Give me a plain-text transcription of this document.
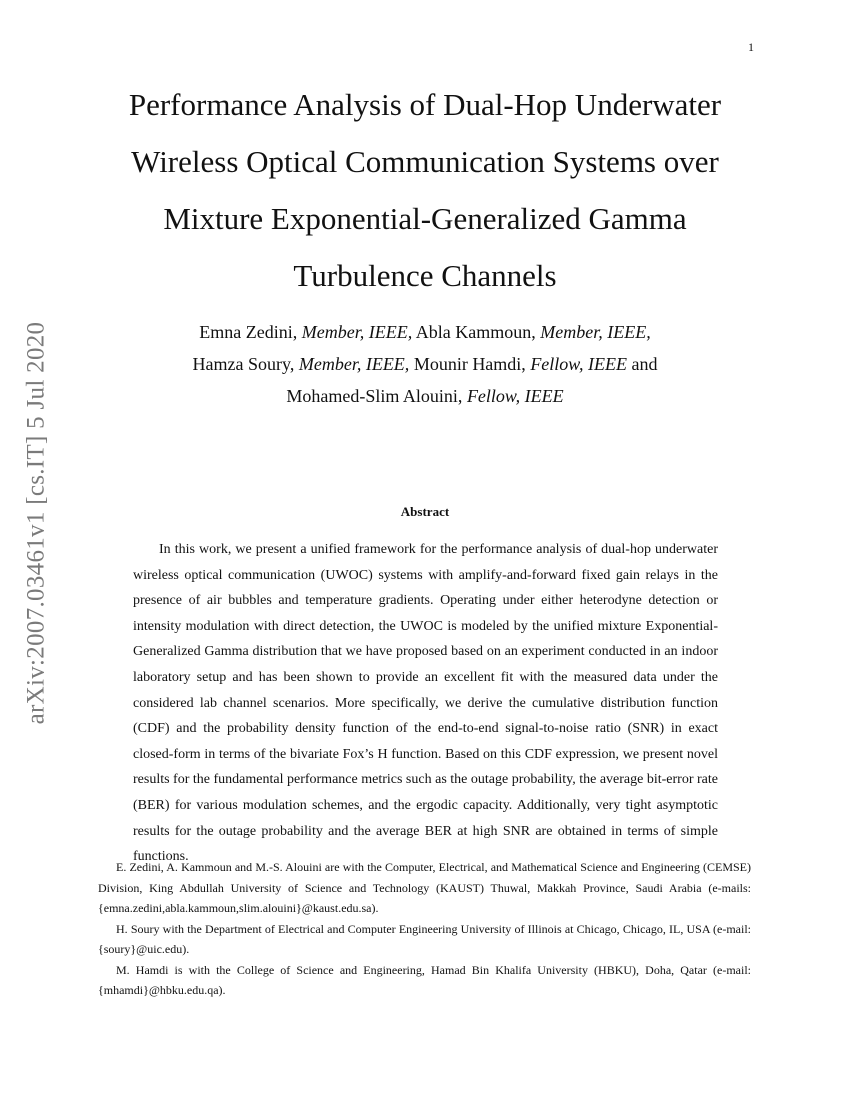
1
arXiv:2007.03461v1 [cs.IT] 5 Jul 2020
Performance Analysis of Dual-Hop Underwater
Wireless Optical Communication Systems over
Mixture Exponential-Generalized Gamma
Turbulence Channels
Emna Zedini, Member, IEEE, Abla Kammoun, Member, IEEE,
Hamza Soury, Member, IEEE, Mounir Hamdi, Fellow, IEEE and
Mohamed-Slim Alouini, Fellow, IEEE
Abstract

In this work, we present a unified framework for the performance analysis of dual-hop underwater wireless optical communication (UWOC) systems with amplify-and-forward fixed gain relays in the presence of air bubbles and temperature gradients. Operating under either heterodyne detection or intensity modulation with direct detection, the UWOC is modeled by the unified mixture Exponential-Generalized Gamma distribution that we have proposed based on an experiment conducted in an indoor laboratory setup and has been shown to provide an excellent fit with the measured data under the considered lab channel scenarios. More specifically, we derive the cumulative distribution function (CDF) and the probability density function of the end-to-end signal-to-noise ratio (SNR) in exact closed-form in terms of the bivariate Fox’s H function. Based on this CDF expression, we present novel results for the fundamental performance metrics such as the outage probability, the average bit-error rate (BER) for various modulation schemes, and the ergodic capacity. Additionally, very tight asymptotic results for the outage probability and the average BER at high SNR are obtained in terms of simple functions.

E. Zedini, A. Kammoun and M.-S. Alouini are with the Computer, Electrical, and Mathematical Science and Engineering (CEMSE) Division, King Abdullah University of Science and Technology (KAUST) Thuwal, Makkah Province, Saudi Arabia (e-mails:{emna.zedini,abla.kammoun,slim.alouini}@kaust.edu.sa).

H. Soury with the Department of Electrical and Computer Engineering University of Illinois at Chicago, Chicago, IL, USA (e-mail:{soury}@uic.edu).

M. Hamdi is with the College of Science and Engineering, Hamad Bin Khalifa University (HBKU), Doha, Qatar (e-mail:{mhamdi}@hbku.edu.qa).
